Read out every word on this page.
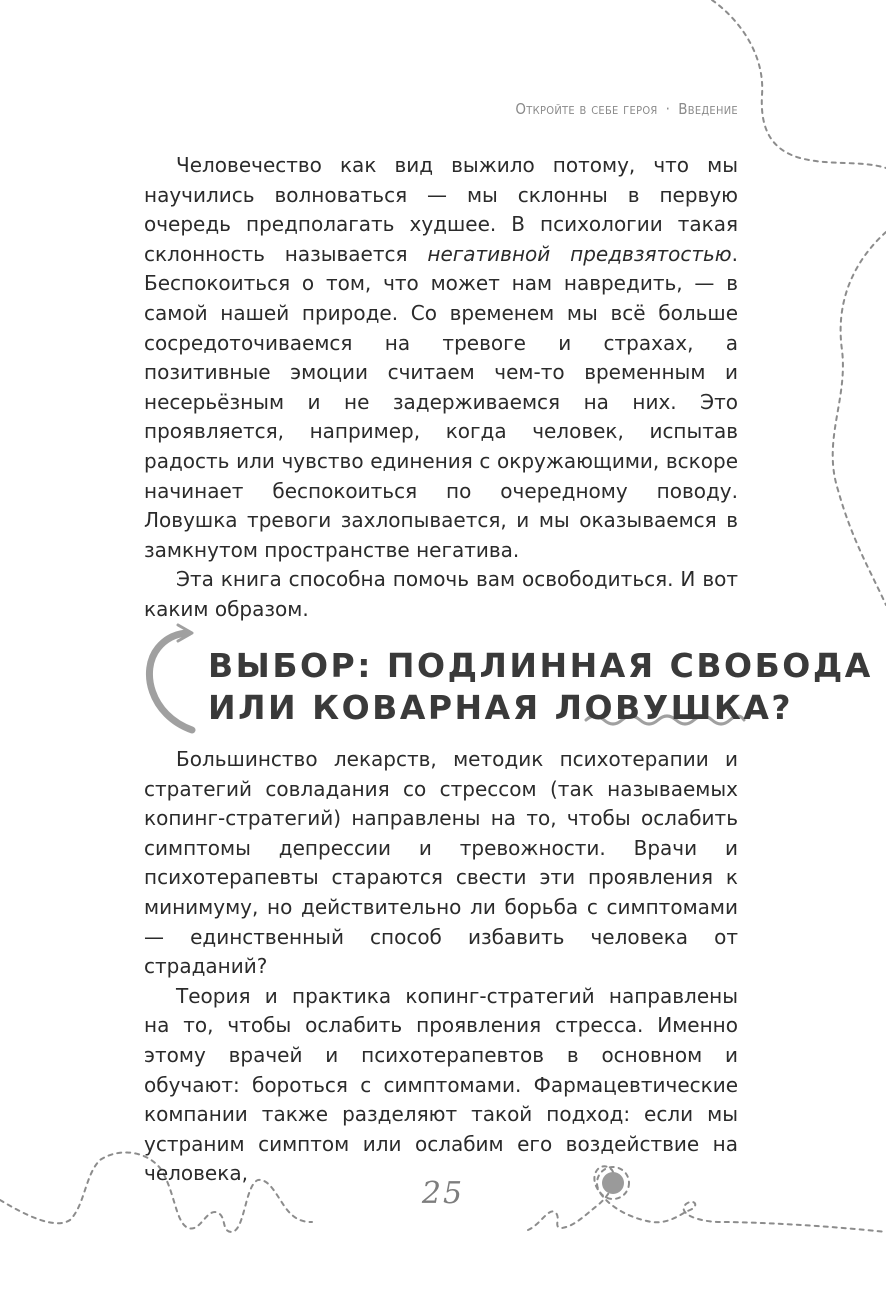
Откройте в себе героя · Введение

Человечество как вид выжило потому, что мы научились волноваться — мы склонны в первую очередь предполагать худшее. В психологии такая склонность называется негативной предвзятостью. Беспокоиться о том, что может нам навредить, — в самой нашей природе. Со временем мы всё больше сосредоточиваемся на тревоге и страхах, а позитивные эмоции считаем чем-то временным и несерьёзным и не задерживаемся на них. Это проявляется, например, когда человек, испытав радость или чувство единения с окружающими, вскоре начинает беспокоиться по очередному поводу. Ловушка тревоги захлопывается, и мы оказываемся в замкнутом пространстве негатива.

Эта книга способна помочь вам освободиться. И вот каким образом.

ВЫБОР: ПОДЛИННАЯ СВОБОДА
ИЛИ КОВАРНАЯ ЛОВУШКА?

Большинство лекарств, методик психотерапии и стратегий совладания со стрессом (так называемых копинг-стратегий) направлены на то, чтобы ослабить симптомы депрессии и тревожности. Врачи и психотерапевты стараются свести эти проявления к минимуму, но действительно ли борьба с симптомами — единственный способ избавить человека от страданий?

Теория и практика копинг-стратегий направлены на то, чтобы ослабить проявления стресса. Именно этому врачей и психотерапевтов в основном и обучают: бороться с симптомами. Фармацевтические компании также разделяют такой подход: если мы устраним симптом или ослабим его воздействие на человека,

25
